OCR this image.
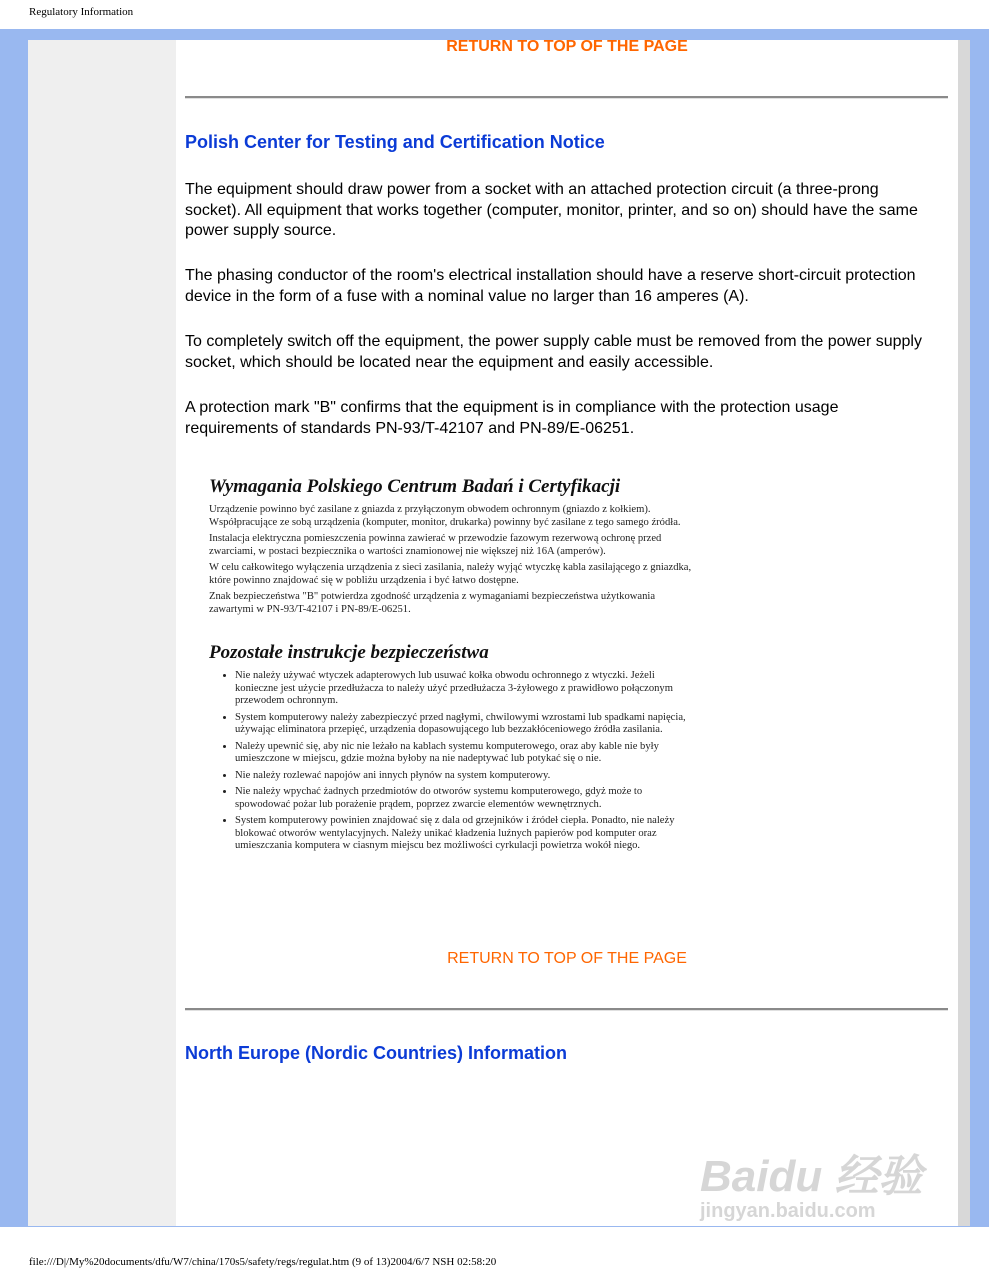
Regulatory Information
RETURN TO TOP OF THE PAGE
Polish Center for Testing and Certification Notice

The equipment should draw power from a socket with an attached protection circuit (a three-prong socket). All equipment that works together (computer, monitor, printer, and so on) should have the same power supply source.

The phasing conductor of the room's electrical installation should have a reserve short-circuit protection device in the form of a fuse with a nominal value no larger than 16 amperes (A).

To completely switch off the equipment, the power supply cable must be removed from the power supply socket, which should be located near the equipment and easily accessible.

A protection mark "B" confirms that the equipment is in compliance with the protection usage requirements of standards PN-93/T-42107 and PN-89/E-06251.

Wymagania Polskiego Centrum Badań i Certyfikacji

Urządzenie powinno być zasilane z gniazda z przyłączonym obwodem ochronnym (gniazdo z kołkiem). Współpracujące ze sobą urządzenia (komputer, monitor, drukarka) powinny być zasilane z tego samego źródła.

Instalacja elektryczna pomieszczenia powinna zawierać w przewodzie fazowym rezerwową ochronę przed zwarciami, w postaci bezpiecznika o wartości znamionowej nie większej niż 16A (amperów).

W celu całkowitego wyłączenia urządzenia z sieci zasilania, należy wyjąć wtyczkę kabla zasilającego z gniazdka, które powinno znajdować się w pobliżu urządzenia i być łatwo dostępne.

Znak bezpieczeństwa "B" potwierdza zgodność urządzenia z wymaganiami bezpieczeństwa użytkowania zawartymi w PN-93/T-42107 i PN-89/E-06251.

Pozostałe instrukcje bezpieczeństwa
• Nie należy używać wtyczek adapterowych lub usuwać kołka obwodu ochronnego z wtyczki. Jeżeli konieczne jest użycie przedłużacza to należy użyć przedłużacza 3-żyłowego z prawidłowo połączonym przewodem ochronnym.
• System komputerowy należy zabezpieczyć przed nagłymi, chwilowymi wzrostami lub spadkami napięcia, używając eliminatora przepięć, urządzenia dopasowującego lub bezzakłóceniowego źródła zasilania.
• Należy upewnić się, aby nic nie leżało na kablach systemu komputerowego, oraz aby kable nie były umieszczone w miejscu, gdzie można byłoby na nie nadeptywać lub potykać się o nie.
• Nie należy rozlewać napojów ani innych płynów na system komputerowy.
• Nie należy wpychać żadnych przedmiotów do otworów systemu komputerowego, gdyż może to spowodować pożar lub porażenie prądem, poprzez zwarcie elementów wewnętrznych.
• System komputerowy powinien znajdować się z dala od grzejników i źródeł ciepła. Ponadto, nie należy blokować otworów wentylacyjnych. Należy unikać kładzenia luźnych papierów pod komputer oraz umieszczania komputera w ciasnym miejscu bez możliwości cyrkulacji powietrza wokół niego.
RETURN TO TOP OF THE PAGE
North Europe (Nordic Countries) Information
Baidu 经验
jingyan.baidu.com
file:///D|/My%20documents/dfu/W7/china/170s5/safety/regs/regulat.htm (9 of 13)2004/6/7 NSH 02:58:20
